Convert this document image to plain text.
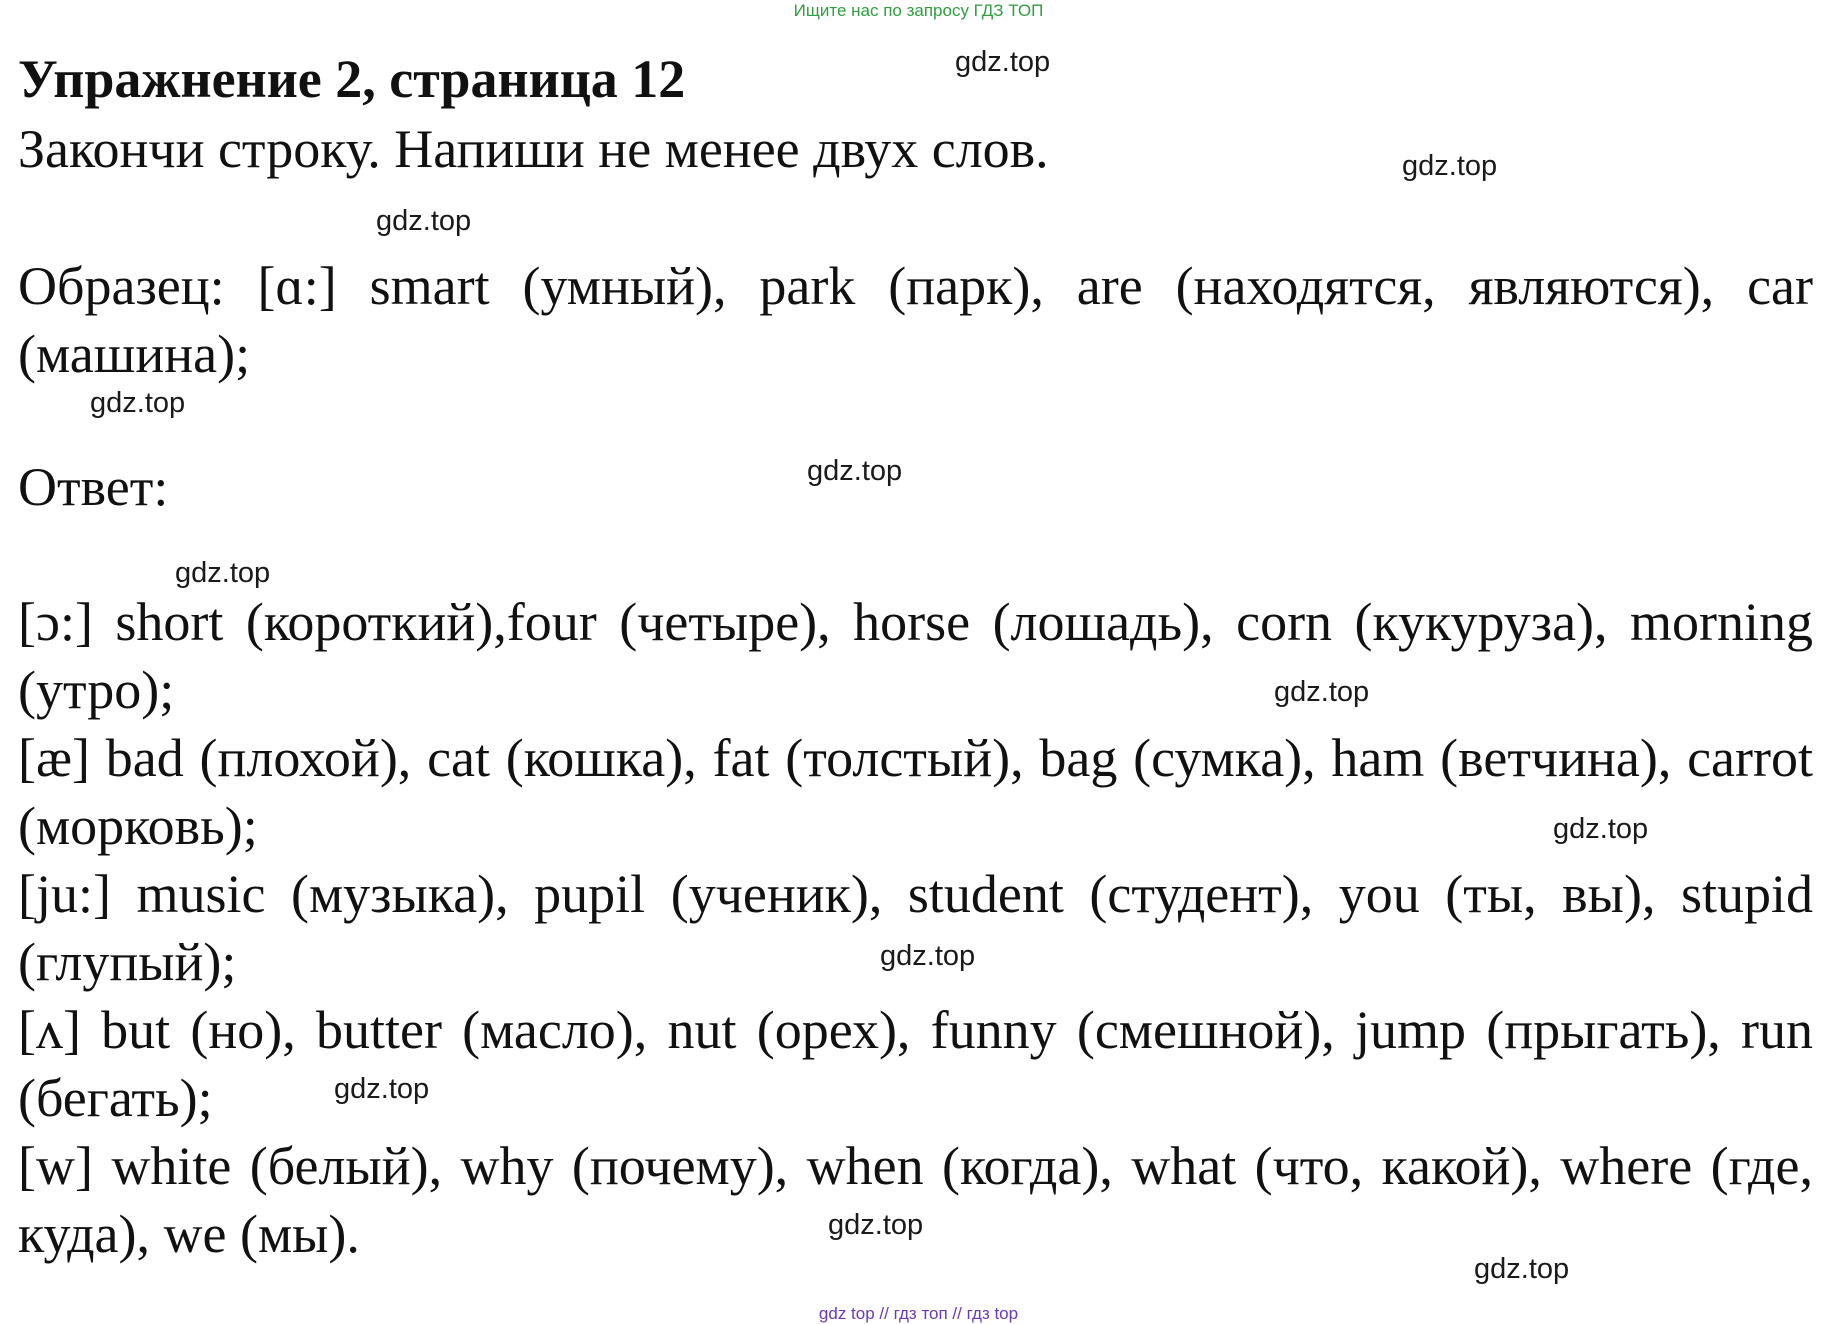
Ищите нас по запросу ГДЗ ТОП
Упражнение 2, страница 12
Закончи строку. Напиши не менее двух слов.
Образец: [ɑ:] smart (умный), park (парк), are (находятся, являются), car (машина);
Ответ:
[ɔ:] short (короткий),four (четыре), horse (лошадь), corn (кукуруза), morning (утро);
[æ] bad (плохой), cat (кошка), fat (толстый), bag (сумка), ham (ветчина), carrot (морковь);
[ju:] music (музыка), pupil (ученик), student (студент), you (ты, вы), stupid (глупый);
[ʌ] but (но), butter (масло), nut (орех), funny (смешной), jump (прыгать), run (бегать);
[w] white (белый), why (почему), when (когда), what (что, какой), where (где, куда), we (мы).
gdz.top
gdz.top
gdz.top
gdz.top
gdz.top
gdz.top
gdz.top
gdz.top
gdz.top
gdz.top
gdz.top
gdz.top
gdz top // гдз топ // гдз top
